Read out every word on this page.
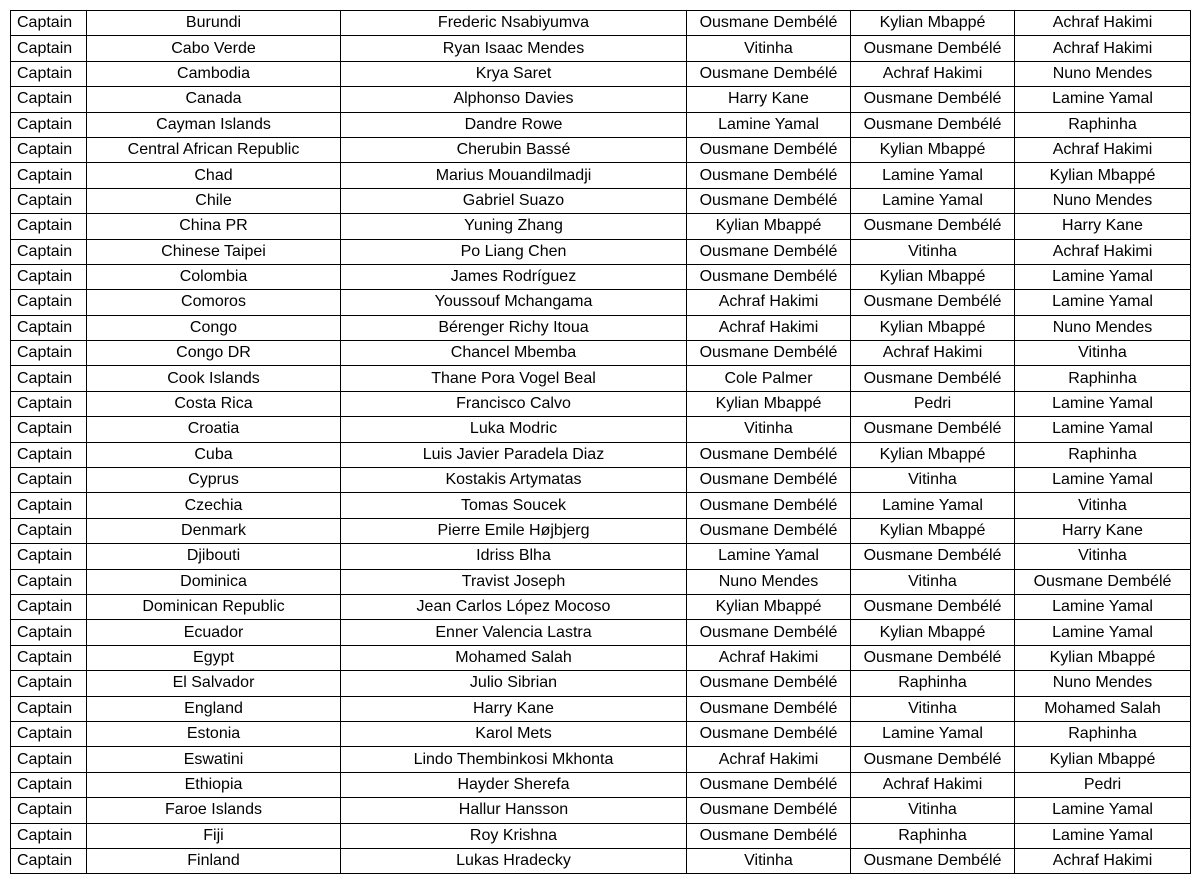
Captain	Burundi	Frederic Nsabiyumva	Ousmane Dembélé	Kylian Mbappé	Achraf Hakimi
Captain	Cabo Verde	Ryan Isaac Mendes	Vitinha	Ousmane Dembélé	Achraf Hakimi
Captain	Cambodia	Krya Saret	Ousmane Dembélé	Achraf Hakimi	Nuno Mendes
Captain	Canada	Alphonso Davies	Harry Kane	Ousmane Dembélé	Lamine Yamal
Captain	Cayman Islands	Dandre Rowe	Lamine Yamal	Ousmane Dembélé	Raphinha
Captain	Central African Republic	Cherubin Bassé	Ousmane Dembélé	Kylian Mbappé	Achraf Hakimi
Captain	Chad	Marius Mouandilmadji	Ousmane Dembélé	Lamine Yamal	Kylian Mbappé
Captain	Chile	Gabriel Suazo	Ousmane Dembélé	Lamine Yamal	Nuno Mendes
Captain	China PR	Yuning Zhang	Kylian Mbappé	Ousmane Dembélé	Harry Kane
Captain	Chinese Taipei	Po Liang Chen	Ousmane Dembélé	Vitinha	Achraf Hakimi
Captain	Colombia	James Rodríguez	Ousmane Dembélé	Kylian Mbappé	Lamine Yamal
Captain	Comoros	Youssouf Mchangama	Achraf Hakimi	Ousmane Dembélé	Lamine Yamal
Captain	Congo	Bérenger Richy Itoua	Achraf Hakimi	Kylian Mbappé	Nuno Mendes
Captain	Congo DR	Chancel Mbemba	Ousmane Dembélé	Achraf Hakimi	Vitinha
Captain	Cook Islands	Thane Pora Vogel Beal	Cole Palmer	Ousmane Dembélé	Raphinha
Captain	Costa Rica	Francisco Calvo	Kylian Mbappé	Pedri	Lamine Yamal
Captain	Croatia	Luka Modric	Vitinha	Ousmane Dembélé	Lamine Yamal
Captain	Cuba	Luis Javier Paradela Diaz	Ousmane Dembélé	Kylian Mbappé	Raphinha
Captain	Cyprus	Kostakis Artymatas	Ousmane Dembélé	Vitinha	Lamine Yamal
Captain	Czechia	Tomas Soucek	Ousmane Dembélé	Lamine Yamal	Vitinha
Captain	Denmark	Pierre Emile Højbjerg	Ousmane Dembélé	Kylian Mbappé	Harry Kane
Captain	Djibouti	Idriss Blha	Lamine Yamal	Ousmane Dembélé	Vitinha
Captain	Dominica	Travist Joseph	Nuno Mendes	Vitinha	Ousmane Dembélé
Captain	Dominican Republic	Jean Carlos López Mocoso	Kylian Mbappé	Ousmane Dembélé	Lamine Yamal
Captain	Ecuador	Enner Valencia Lastra	Ousmane Dembélé	Kylian Mbappé	Lamine Yamal
Captain	Egypt	Mohamed Salah	Achraf Hakimi	Ousmane Dembélé	Kylian Mbappé
Captain	El Salvador	Julio Sibrian	Ousmane Dembélé	Raphinha	Nuno Mendes
Captain	England	Harry Kane	Ousmane Dembélé	Vitinha	Mohamed Salah
Captain	Estonia	Karol Mets	Ousmane Dembélé	Lamine Yamal	Raphinha
Captain	Eswatini	Lindo Thembinkosi Mkhonta	Achraf Hakimi	Ousmane Dembélé	Kylian Mbappé
Captain	Ethiopia	Hayder Sherefa	Ousmane Dembélé	Achraf Hakimi	Pedri
Captain	Faroe Islands	Hallur Hansson	Ousmane Dembélé	Vitinha	Lamine Yamal
Captain	Fiji	Roy Krishna	Ousmane Dembélé	Raphinha	Lamine Yamal
Captain	Finland	Lukas Hradecky	Vitinha	Ousmane Dembélé	Achraf Hakimi
